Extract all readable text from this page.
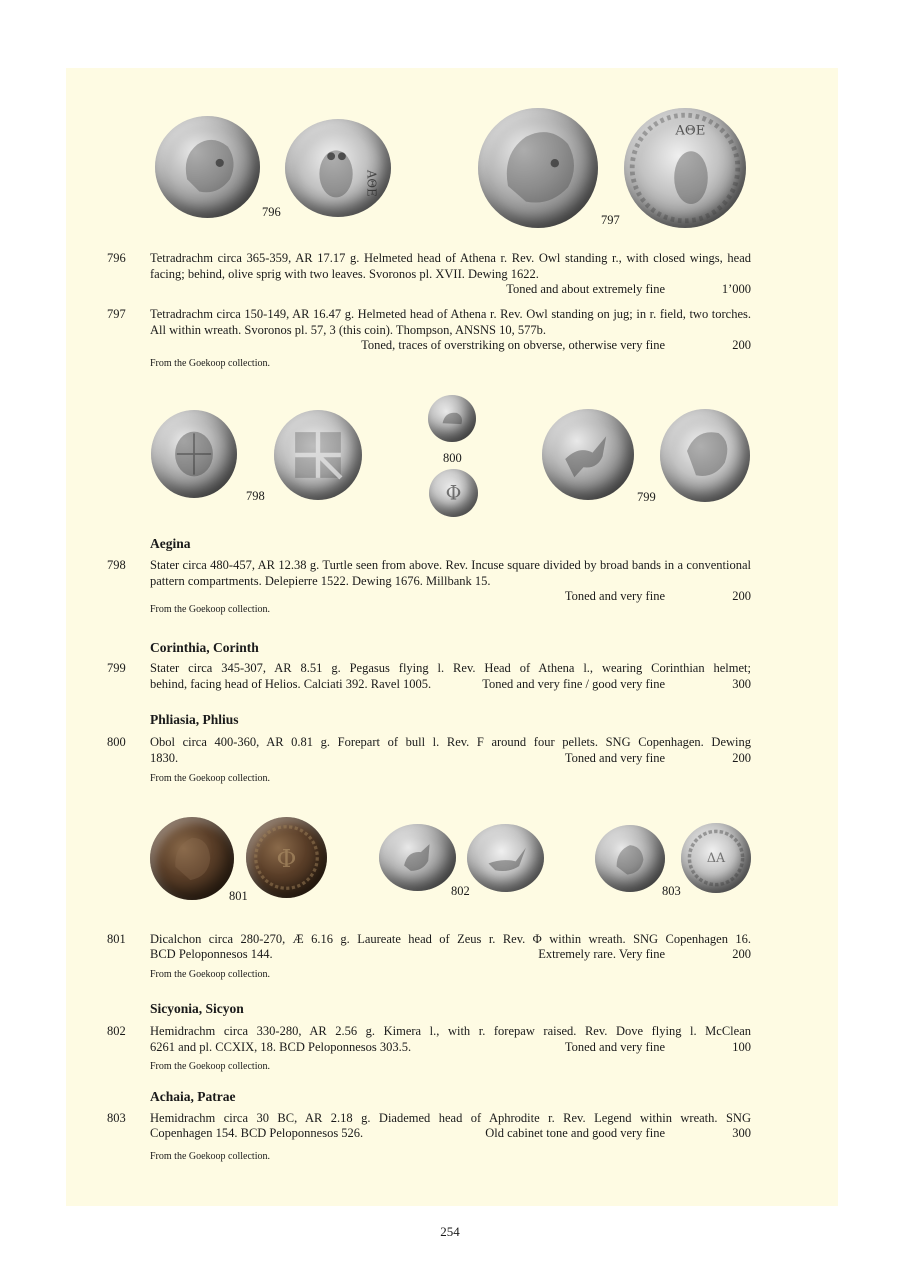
ΑΘΕ
796
ΑΘΕ
797
796 Tetradrachm circa 365-359, AR 17.17 g. Helmeted head of Athena r. Rev. Owl standing r., with closed wings, head facing; behind, olive sprig with two leaves. Svoronos pl. XVII. Dewing 1622.
Toned and about extremely fine	1’000
797 Tetradrachm circa 150-149, AR 16.47 g. Helmeted head of Athena r. Rev. Owl standing on jug; in r. field, two torches. All within wreath. Svoronos pl. 57, 3 (this coin). Thompson, ANSNS 10, 577b.
Toned, traces of overstriking on obverse, otherwise very fine	200
From the Goekoop collection.
798
800
Φ	799
Aegina
798 Stater circa 480-457, AR 12.38 g. Turtle seen from above. Rev. Incuse square divided by broad bands in a conventional pattern compartments. Delepierre 1522. Dewing 1676. Millbank 15.
Toned and very fine	200
From the Goekoop collection.
Corinthia, Corinth
799 Stater circa 345-307, AR 8.51 g. Pegasus flying l. Rev. Head of Athena l., wearing Corinthian helmet;
behind, facing head of Helios. Calciati 392. Ravel 1005.	Toned and very fine / good very fine	300
Phliasia, Phlius
800 Obol circa 400-360, AR 0.81 g. Forepart of bull l. Rev. F around four pellets. SNG Copenhagen. Dewing
1830.	Toned and very fine	200
From the Goekoop collection.
Φ
801	802
ΔΑ
803
801 Dicalchon circa 280-270, Æ 6.16 g. Laureate head of Zeus r. Rev. Φ within wreath. SNG Copenhagen 16.
BCD Peloponnesos 144.	Extremely rare. Very fine	200
From the Goekoop collection.
Sicyonia, Sicyon
802 Hemidrachm circa 330-280, AR 2.56 g. Kimera l., with r. forepaw raised. Rev. Dove flying l. McClean
6261 and pl. CCXIX, 18. BCD Peloponnesos 303.5.	Toned and very fine	100
From the Goekoop collection.
Achaia, Patrae
803 Hemidrachm circa 30 BC, AR 2.18 g. Diademed head of Aphrodite r. Rev. Legend within wreath. SNG
Copenhagen 154. BCD Peloponnesos 526.	Old cabinet tone and good very fine	300
From the Goekoop collection.
254
